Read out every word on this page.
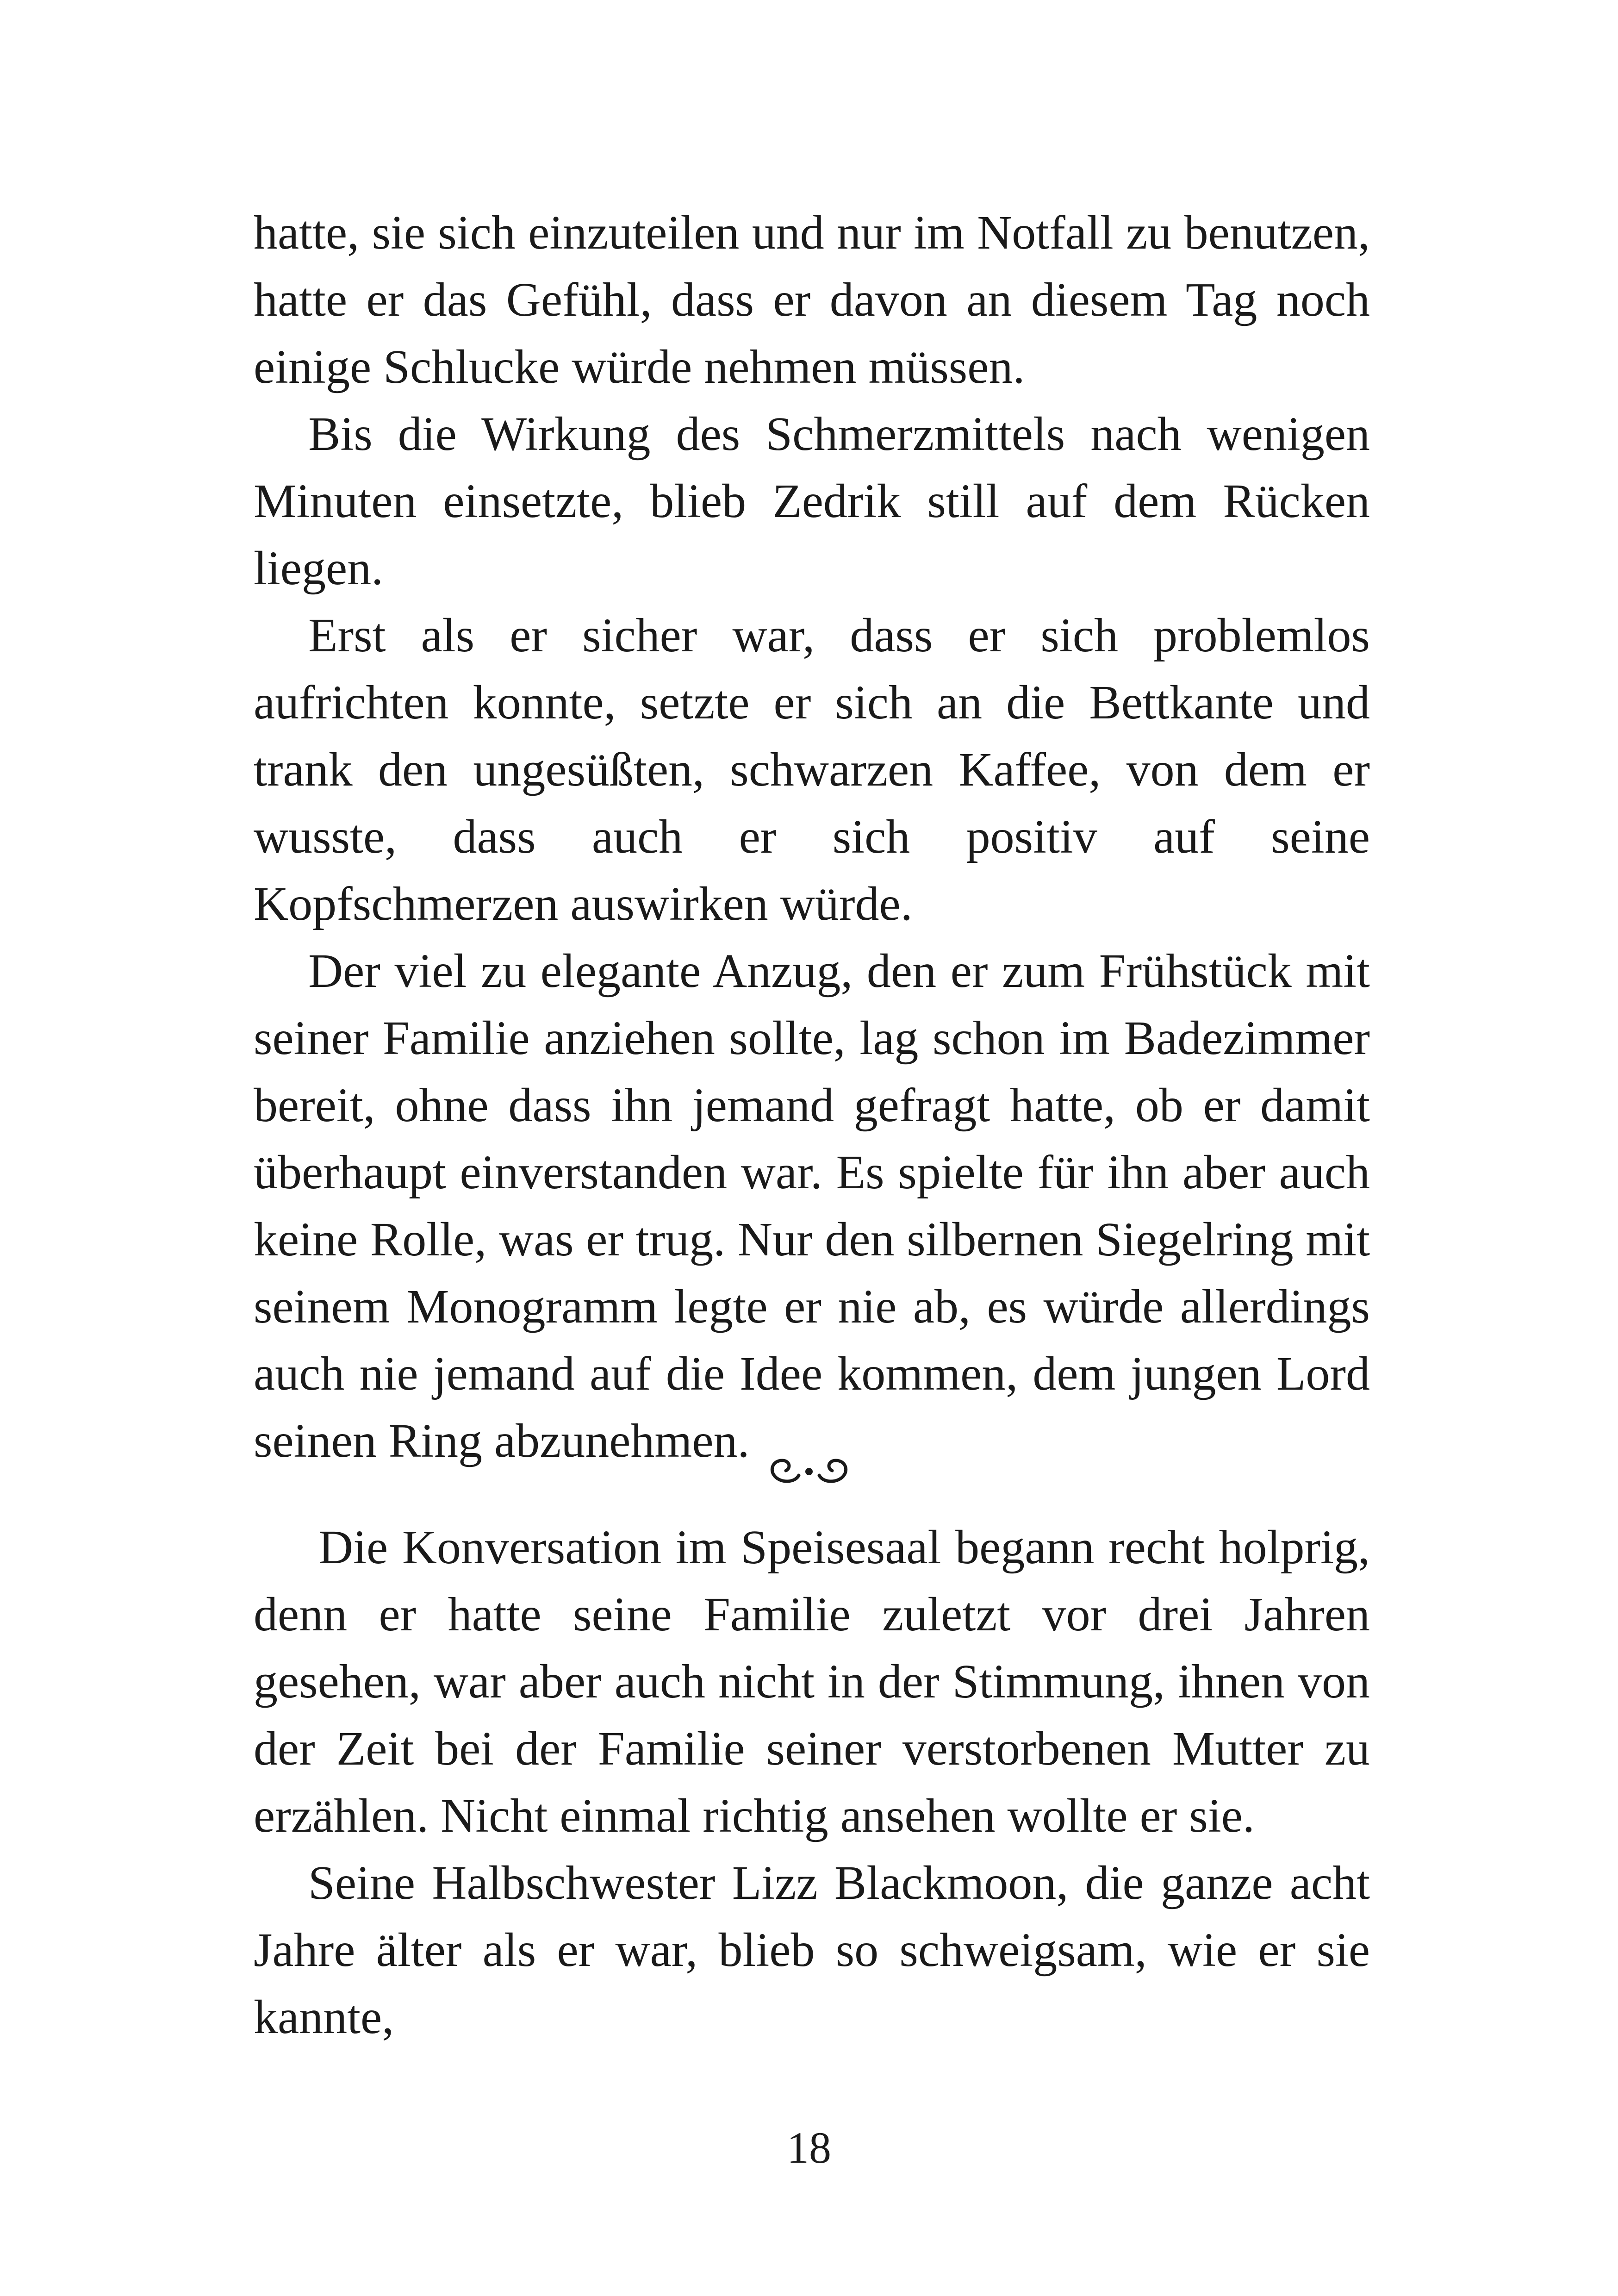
hatte, sie sich einzuteilen und nur im Notfall zu benutzen, hatte er das Gefühl, dass er davon an diesem Tag noch einige Schlucke würde nehmen müssen.

Bis die Wirkung des Schmerzmittels nach wenigen Minuten einsetzte, blieb Zedrik still auf dem Rücken liegen.

Erst als er sicher war, dass er sich problemlos aufrichten konnte, setzte er sich an die Bettkante und trank den ungesüßten, schwarzen Kaffee, von dem er wusste, dass auch er sich positiv auf seine Kopfschmerzen auswirken würde.

Der viel zu elegante Anzug, den er zum Frühstück mit seiner Familie anziehen sollte, lag schon im Badezimmer bereit, ohne dass ihn jemand gefragt hatte, ob er damit überhaupt einverstanden war. Es spielte für ihn aber auch keine Rolle, was er trug. Nur den silbernen Siegelring mit seinem Monogramm legte er nie ab, es würde allerdings auch nie jemand auf die Idee kommen, dem jungen Lord seinen Ring abzunehmen.

Die Konversation im Speisesaal begann recht holprig, denn er hatte seine Familie zuletzt vor drei Jahren gesehen, war aber auch nicht in der Stimmung, ihnen von der Zeit bei der Familie seiner verstorbenen Mutter zu erzählen. Nicht einmal richtig ansehen wollte er sie.

Seine Halbschwester Lizz Blackmoon, die ganze acht Jahre älter als er war, blieb so schweigsam, wie er sie kannte,

18
